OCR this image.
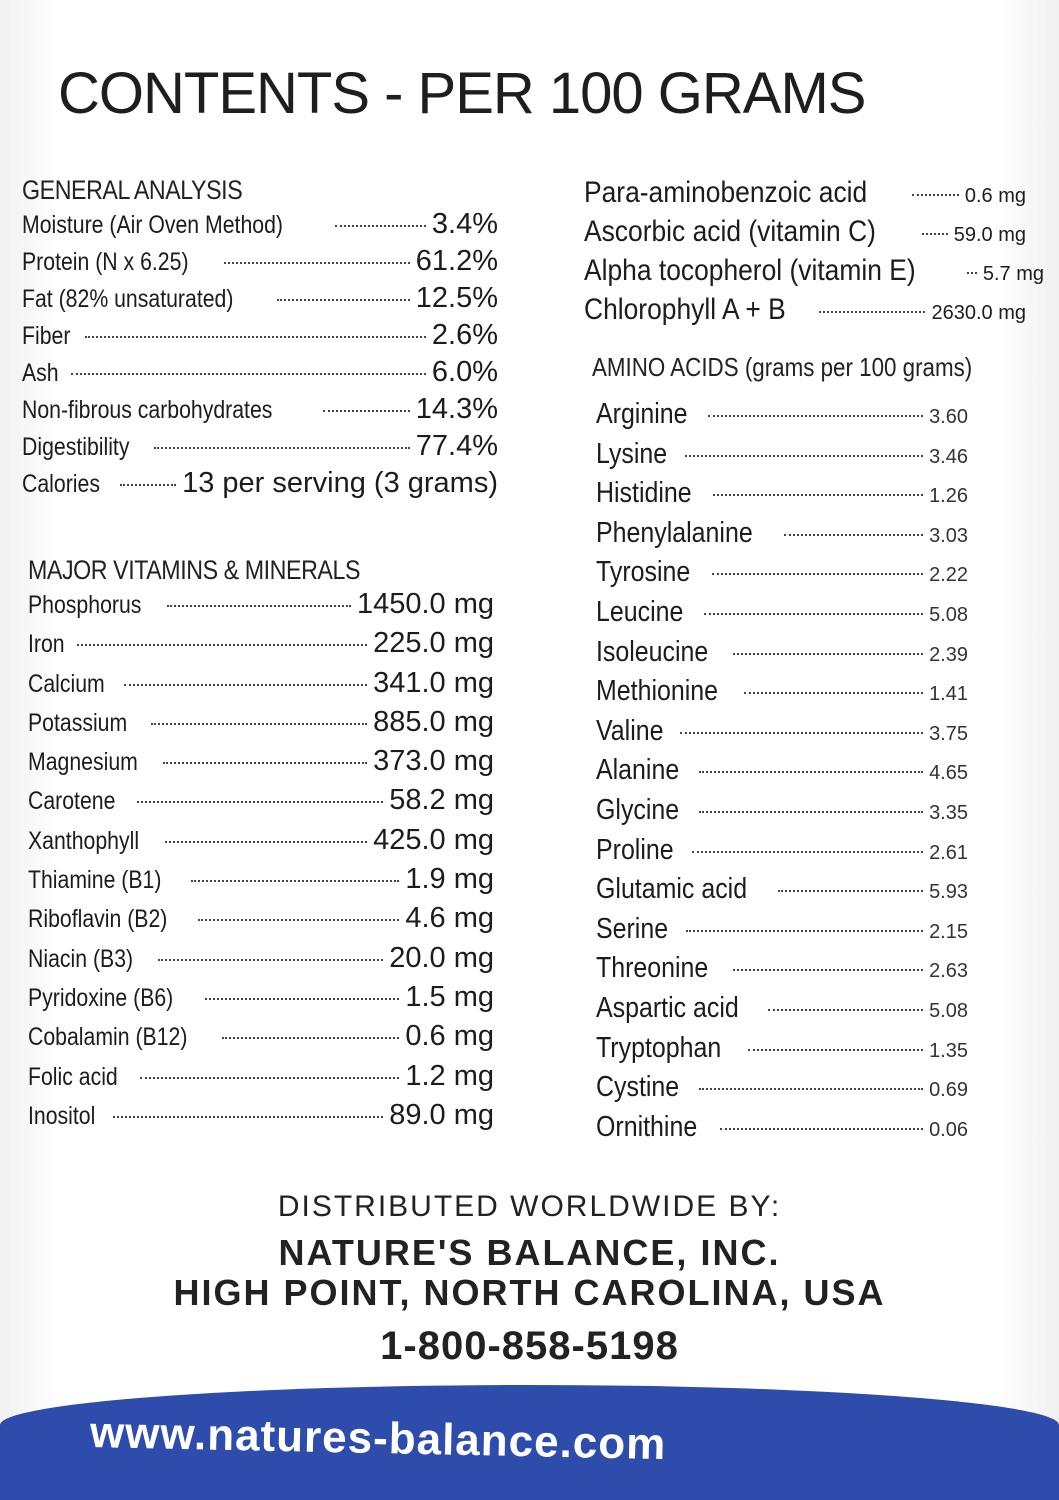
CONTENTS - PER 100 GRAMS

GENERAL ANALYSIS

Moisture (Air Oven Method)	3.4%
Protein (N x 6.25)	61.2%
Fat (82% unsaturated)	12.5%
Fiber	2.6%
Ash	6.0%
Non-fibrous carbohydrates	14.3%
Digestibility	77.4%
Calories	13 per serving (3 grams)

MAJOR VITAMINS & MINERALS

Phosphorus	1450.0 mg
Iron	225.0 mg
Calcium	341.0 mg
Potassium	885.0 mg
Magnesium	373.0 mg
Carotene	58.2 mg
Xanthophyll	425.0 mg
Thiamine (B1)	1.9 mg
Riboflavin (B2)	4.6 mg
Niacin (B3)	20.0 mg
Pyridoxine (B6)	1.5 mg
Cobalamin (B12)	0.6 mg
Folic acid	1.2 mg
Inositol	89.0 mg
Para-aminobenzoic acid	0.6 mg
Ascorbic acid (vitamin C)	59.0 mg
Alpha tocopherol (vitamin E)	5.7 mg
Chlorophyll A + B	2630.0 mg
AMINO ACIDS (grams per 100 grams)
Arginine	3.60
Lysine	3.46
Histidine	1.26
Phenylalanine	3.03
Tyrosine	2.22
Leucine	5.08
Isoleucine	2.39
Methionine	1.41
Valine	3.75
Alanine	4.65
Glycine	3.35
Proline	2.61
Glutamic acid	5.93
Serine	2.15
Threonine	2.63
Aspartic acid	5.08
Tryptophan	1.35
Cystine	0.69
Ornithine	0.06

DISTRIBUTED WORLDWIDE BY:

NATURE'S BALANCE, INC.

HIGH POINT, NORTH CAROLINA, USA

1-800-858-5198

www.natures-balance.com
